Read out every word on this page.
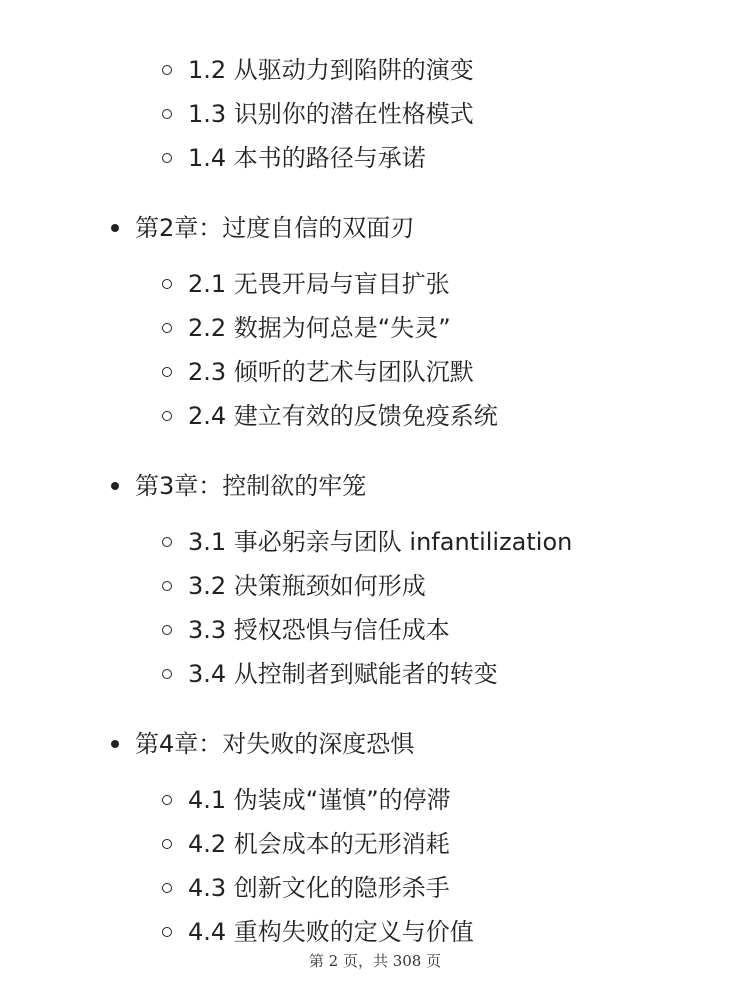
1.2 从驱动力到陷阱的演变
1.3 识别你的潜在性格模式
1.4 本书的路径与承诺
第2章：过度自信的双面刃
2.1 无畏开局与盲目扩张
2.2 数据为何总是“失灵”
2.3 倾听的艺术与团队沉默
2.4 建立有效的反馈免疫系统
第3章：控制欲的牢笼
3.1 事必躬亲与团队 infantilization
3.2 决策瓶颈如何形成
3.3 授权恐惧与信任成本
3.4 从控制者到赋能者的转变
第4章：对失败的深度恐惧
4.1 伪装成“谨慎”的停滞
4.2 机会成本的无形消耗
4.3 创新文化的隐形杀手
4.4 重构失败的定义与价值
第 2 页，共 308 页
